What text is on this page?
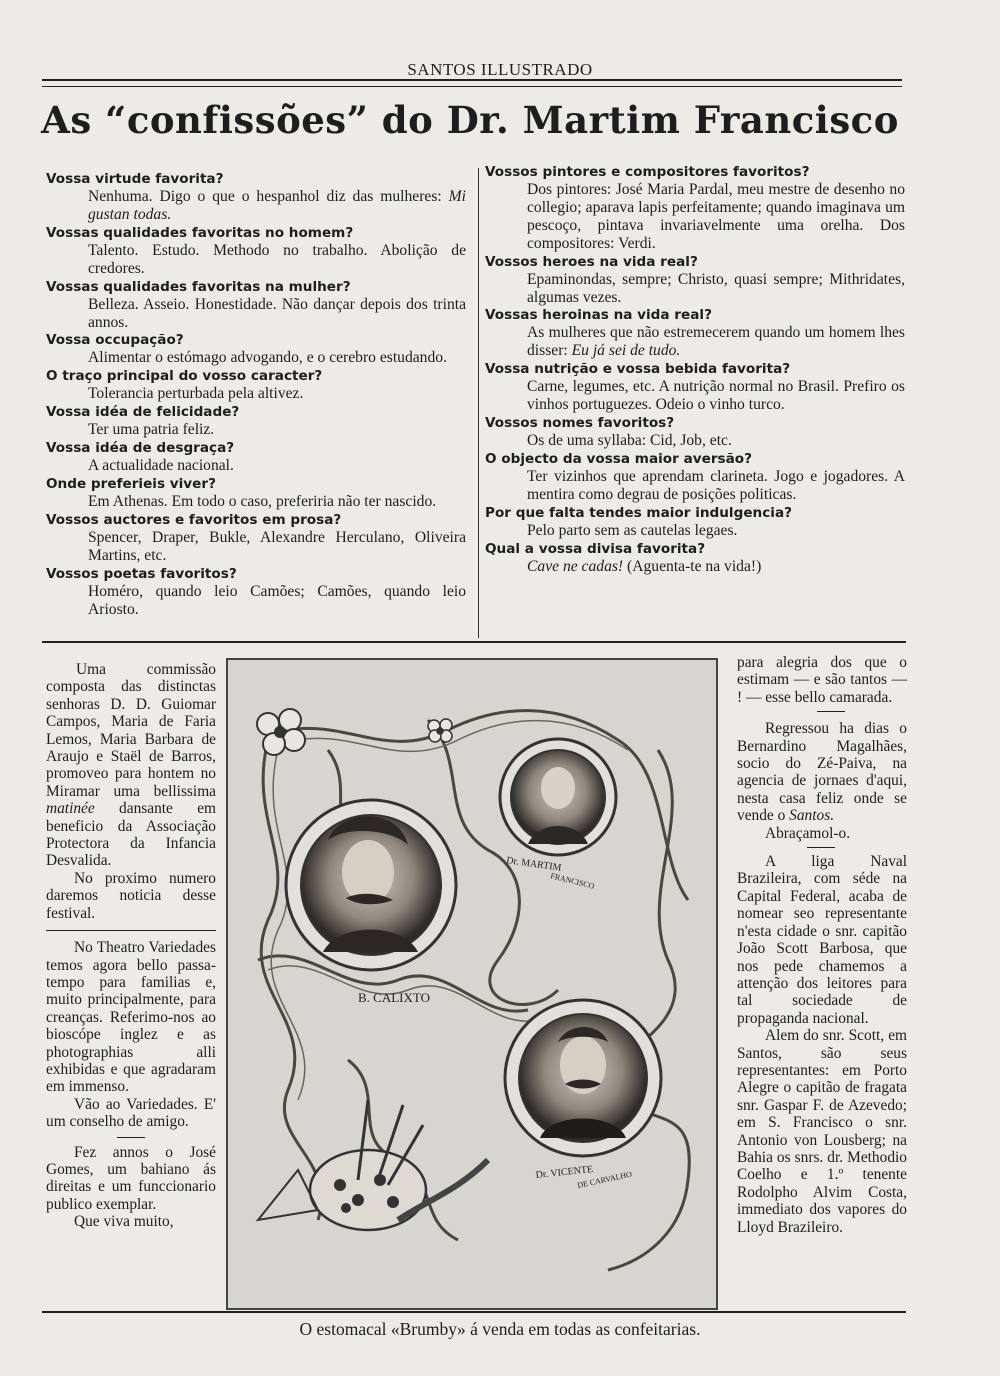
SANTOS ILLUSTRADO
As “confissões” do Dr. Martim Francisco
Vossa virtude favorita?
Nenhuma. Digo o que o hespanhol diz das mulheres: Mi gustan todas.
Vossas qualidades favoritas no homem?
Talento. Estudo. Methodo no trabalho. Abolição de credores.
Vossas qualidades favoritas na mulher?
Belleza. Asseio. Honestidade. Não dançar depois dos trinta annos.
Vossa occupação?
Alimentar o estómago advogando, e o cerebro estudando.
O traço principal do vosso caracter?
Tolerancia perturbada pela altivez.
Vossa idéa de felicidade?
Ter uma patria feliz.
Vossa idéa de desgraça?
A actualidade nacional.
Onde preferieis viver?
Em Athenas. Em todo o caso, preferiria não ter nascido.
Vossos auctores e favoritos em prosa?
Spencer, Draper, Bukle, Alexandre Herculano, Oliveira Martins, etc.
Vossos poetas favoritos?
Homéro, quando leio Camões; Camões, quando leio Ariosto.
Vossos pintores e compositores favoritos?
Dos pintores: José Maria Pardal, meu mestre de desenho no collegio; aparava lapis perfeitamente; quando imaginava um pescoço, pintava invariavelmente uma orelha. Dos compositores: Verdi.
Vossos heroes na vida real?
Epaminondas, sempre; Christo, quasi sempre; Mithridates, algumas vezes.
Vossas heroinas na vida real?
As mulheres que não estremecerem quando um homem lhes disser: Eu já sei de tudo.
Vossa nutrição e vossa bebida favorita?
Carne, legumes, etc. A nutrição normal no Brasil. Prefiro os vinhos portuguezes. Odeio o vinho turco.
Vossos nomes favoritos?
Os de uma syllaba: Cid, Job, etc.
O objecto da vossa maior aversão?
Ter vizinhos que aprendam clarineta. Jogo e jogadores. A mentira como degrau de posições politicas.
Por que falta tendes maior indulgencia?
Pelo parto sem as cautelas legaes.
Qual a vossa divisa favorita?
Cave ne cadas! (Aguenta-te na vida!)

Uma commissão composta das distinctas senhoras D. D. Guiomar Campos, Maria de Faria Lemos, Maria Barbara de Araujo e Staël de Barros, promoveo para hontem no Miramar uma bellissima matinée dansante em beneficio da Associação Protectora da Infancia Desvalida.

No proximo numero daremos noticia desse festival.

No Theatro Variedades temos agora bello passa-tempo para familias e, muito principalmente, para creanças. Referimo-nos ao bioscópe inglez e as photographias alli exhibidas e que agradaram em immenso.

Vão ao Variedades. E' um conselho de amigo.

Fez annos o José Gomes, um bahiano ás direitas e um funccionario publico exemplar.

Que viva muito,

Dr. MARTIM
FRANCISCO
B. CALIXTO
Dr. VICENTE
DE CARVALHO

para alegria dos que o estimam — e são tantos — ! — esse bello camarada.

Regressou ha dias o Bernardino Magalhães, socio do Zé-Paiva, na agencia de jornaes d'aqui, nesta casa feliz onde se vende o Santos.

Abraçamol-o.

A liga Naval Brazileira, com séde na Capital Federal, acaba de nomear seo representante n'esta cidade o snr. capitão João Scott Barbosa, que nos pede chamemos a attenção dos leitores para tal sociedade de propaganda nacional.

Alem do snr. Scott, em Santos, são seus representantes: em Porto Alegre o capitão de fragata snr. Gaspar F. de Azevedo; em S. Francisco o snr. Antonio von Lousberg; na Bahia os snrs. dr. Methodio Coelho e 1.º tenente Rodolpho Alvim Costa, immediato dos vapores do Lloyd Brazileiro.

O estomacal «Brumby» á venda em todas as confeitarias.
